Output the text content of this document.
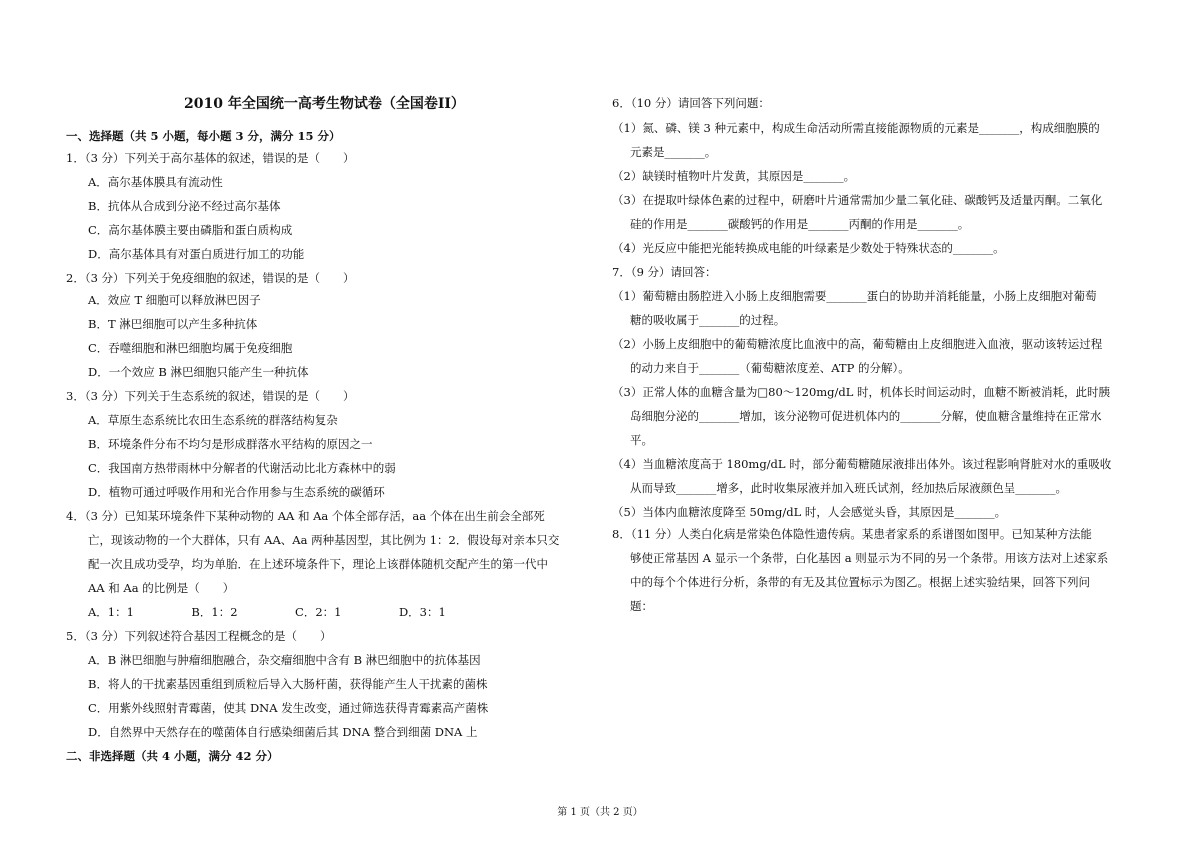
2010 年全国统一高考生物试卷（全国卷II）
一、选择题（共 5 小题，每小题 3 分，满分 15 分）
1．（3 分）下列关于高尔基体的叙述，错误的是（　　）
A．高尔基体膜具有流动性
B．抗体从合成到分泌不经过高尔基体
C．高尔基体膜主要由磷脂和蛋白质构成
D．高尔基体具有对蛋白质进行加工的功能
2．（3 分）下列关于免疫细胞的叙述，错误的是（　　）
A．效应 T 细胞可以释放淋巴因子
B．T 淋巴细胞可以产生多种抗体
C．吞噬细胞和淋巴细胞均属于免疫细胞
D．一个效应 B 淋巴细胞只能产生一种抗体
3．（3 分）下列关于生态系统的叙述，错误的是（　　）
A．草原生态系统比农田生态系统的群落结构复杂
B．环境条件分布不均匀是形成群落水平结构的原因之一
C．我国南方热带雨林中分解者的代谢活动比北方森林中的弱
D．植物可通过呼吸作用和光合作用参与生态系统的碳循环
4．（3 分）已知某环境条件下某种动物的 AA 和 Aa 个体全部存活，aa 个体在出生前会全部死
亡，现该动物的一个大群体，只有 AA、Aa 两种基因型，其比例为 1：2．假设每对亲本只交
配一次且成功受孕，均为单胎．在上述环境条件下，理论上该群体随机交配产生的第一代中
AA 和 Aa 的比例是（　　）
A．1：1　　　　　B．1：2　　　　　C．2：1　　　　　D．3：1
5．（3 分）下列叙述符合基因工程概念的是（　　）
A．B 淋巴细胞与肿瘤细胞融合，杂交瘤细胞中含有 B 淋巴细胞中的抗体基因
B．将人的干扰素基因重组到质粒后导入大肠杆菌，获得能产生人干扰素的菌株
C．用紫外线照射青霉菌，使其 DNA 发生改变，通过筛选获得青霉素高产菌株
D．自然界中天然存在的噬菌体自行感染细菌后其 DNA 整合到细菌 DNA 上
二、非选择题（共 4 小题，满分 42 分）
6．（10 分）请回答下列问题：
（1）氮、磷、镁 3 种元素中，构成生命活动所需直接能源物质的元素是_______，构成细胞膜的
元素是_______。
（2）缺镁时植物叶片发黄，其原因是_______。
（3）在提取叶绿体色素的过程中，研磨叶片通常需加少量二氧化硅、碳酸钙及适量丙酮。二氧化
硅的作用是_______碳酸钙的作用是_______丙酮的作用是_______。
（4）光反应中能把光能转换成电能的叶绿素是少数处于特殊状态的_______。
7．（9 分）请回答：
（1）葡萄糖由肠腔进入小肠上皮细胞需要_______蛋白的协助并消耗能量，小肠上皮细胞对葡萄
糖的吸收属于_______的过程。
（2）小肠上皮细胞中的葡萄糖浓度比血液中的高，葡萄糖由上皮细胞进入血液，驱动该转运过程
的动力来自于_______（葡萄糖浓度差、ATP 的分解）。
（3）正常人体的血糖含量为□80～120mg/dL 时，机体长时间运动时，血糖不断被消耗，此时胰
岛细胞分泌的_______增加，该分泌物可促进机体内的_______分解，使血糖含量维持在正常水
平。
（4）当血糖浓度高于 180mg/dL 时，部分葡萄糖随尿液排出体外。该过程影响肾脏对水的重吸收
从而导致_______增多，此时收集尿液并加入班氏试剂，经加热后尿液颜色呈_______。
（5）当体内血糖浓度降至 50mg/dL 时，人会感觉头昏，其原因是_______。
8．（11 分）人类白化病是常染色体隐性遗传病。某患者家系的系谱图如图甲。已知某种方法能
够使正常基因 A 显示一个条带，白化基因 a 则显示为不同的另一个条带。用该方法对上述家系
中的每个个体进行分析，条带的有无及其位置标示为图乙。根据上述实验结果，回答下列问
题：
第 1 页（共 2 页）
